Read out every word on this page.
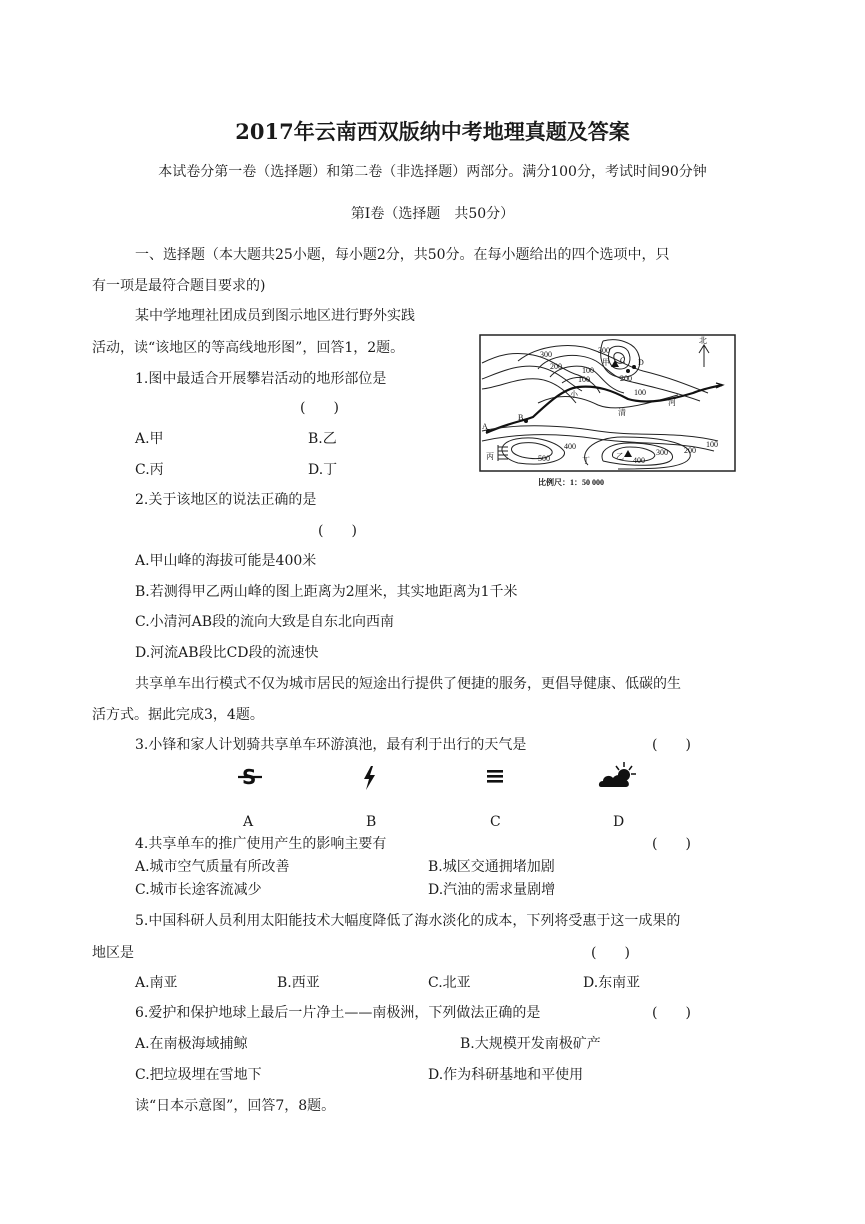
2017年云南西双版纳中考地理真题及答案
本试卷分第一卷（选择题）和第二卷（非选择题）两部分。满分100分，考试时间90分钟
第Ⅰ卷（选择题　共50分）
一、选择题（本大题共25小题，每小题2分，共50分。在每小题给出的四个选项中，只
有一项是最符合题目要求的)
某中学地理社团成员到图示地区进行野外实践
活动，读“该地区的等高线地形图”，回答1，2题。
1.图中最适合开展攀岩活动的地形部位是
(　　)
A.甲	B.乙
C.丙	D.丁
北
300
200	100
100
300
200
100
500
400
400
300 200
100
甲
乙
丙	丁
A
B
C D
小
清
河
比例尺：1：50 000
2.关于该地区的说法正确的是
(　　)
A.甲山峰的海拔可能是400米
B.若测得甲乙两山峰的图上距离为2厘米，其实地距离为1千米
C.小清河AB段的流向大致是自东北向西南
D.河流AB段比CD段的流速快
共享单车出行模式不仅为城市居民的短途出行提供了便捷的服务，更倡导健康、低碳的生
活方式。据此完成3，4题。
3.小锋和家人计划骑共享单车环游滇池，最有利于出行的天气是	(　　)
S
A	B	C	D
4.共享单车的推广使用产生的影响主要有	(　　)
A.城市空气质量有所改善	B.城区交通拥堵加剧
C.城市长途客流减少	D.汽油的需求量剧增
5.中国科研人员利用太阳能技术大幅度降低了海水淡化的成本，下列将受惠于这一成果的
地区是	(　　)
A.南亚	B.西亚	C.北亚	D.东南亚
6.爱护和保护地球上最后一片净土——南极洲，下列做法正确的是	(　　)
A.在南极海域捕鲸	B.大规模开发南极矿产
C.把垃圾埋在雪地下	D.作为科研基地和平使用
读“日本示意图”，回答7，8题。
